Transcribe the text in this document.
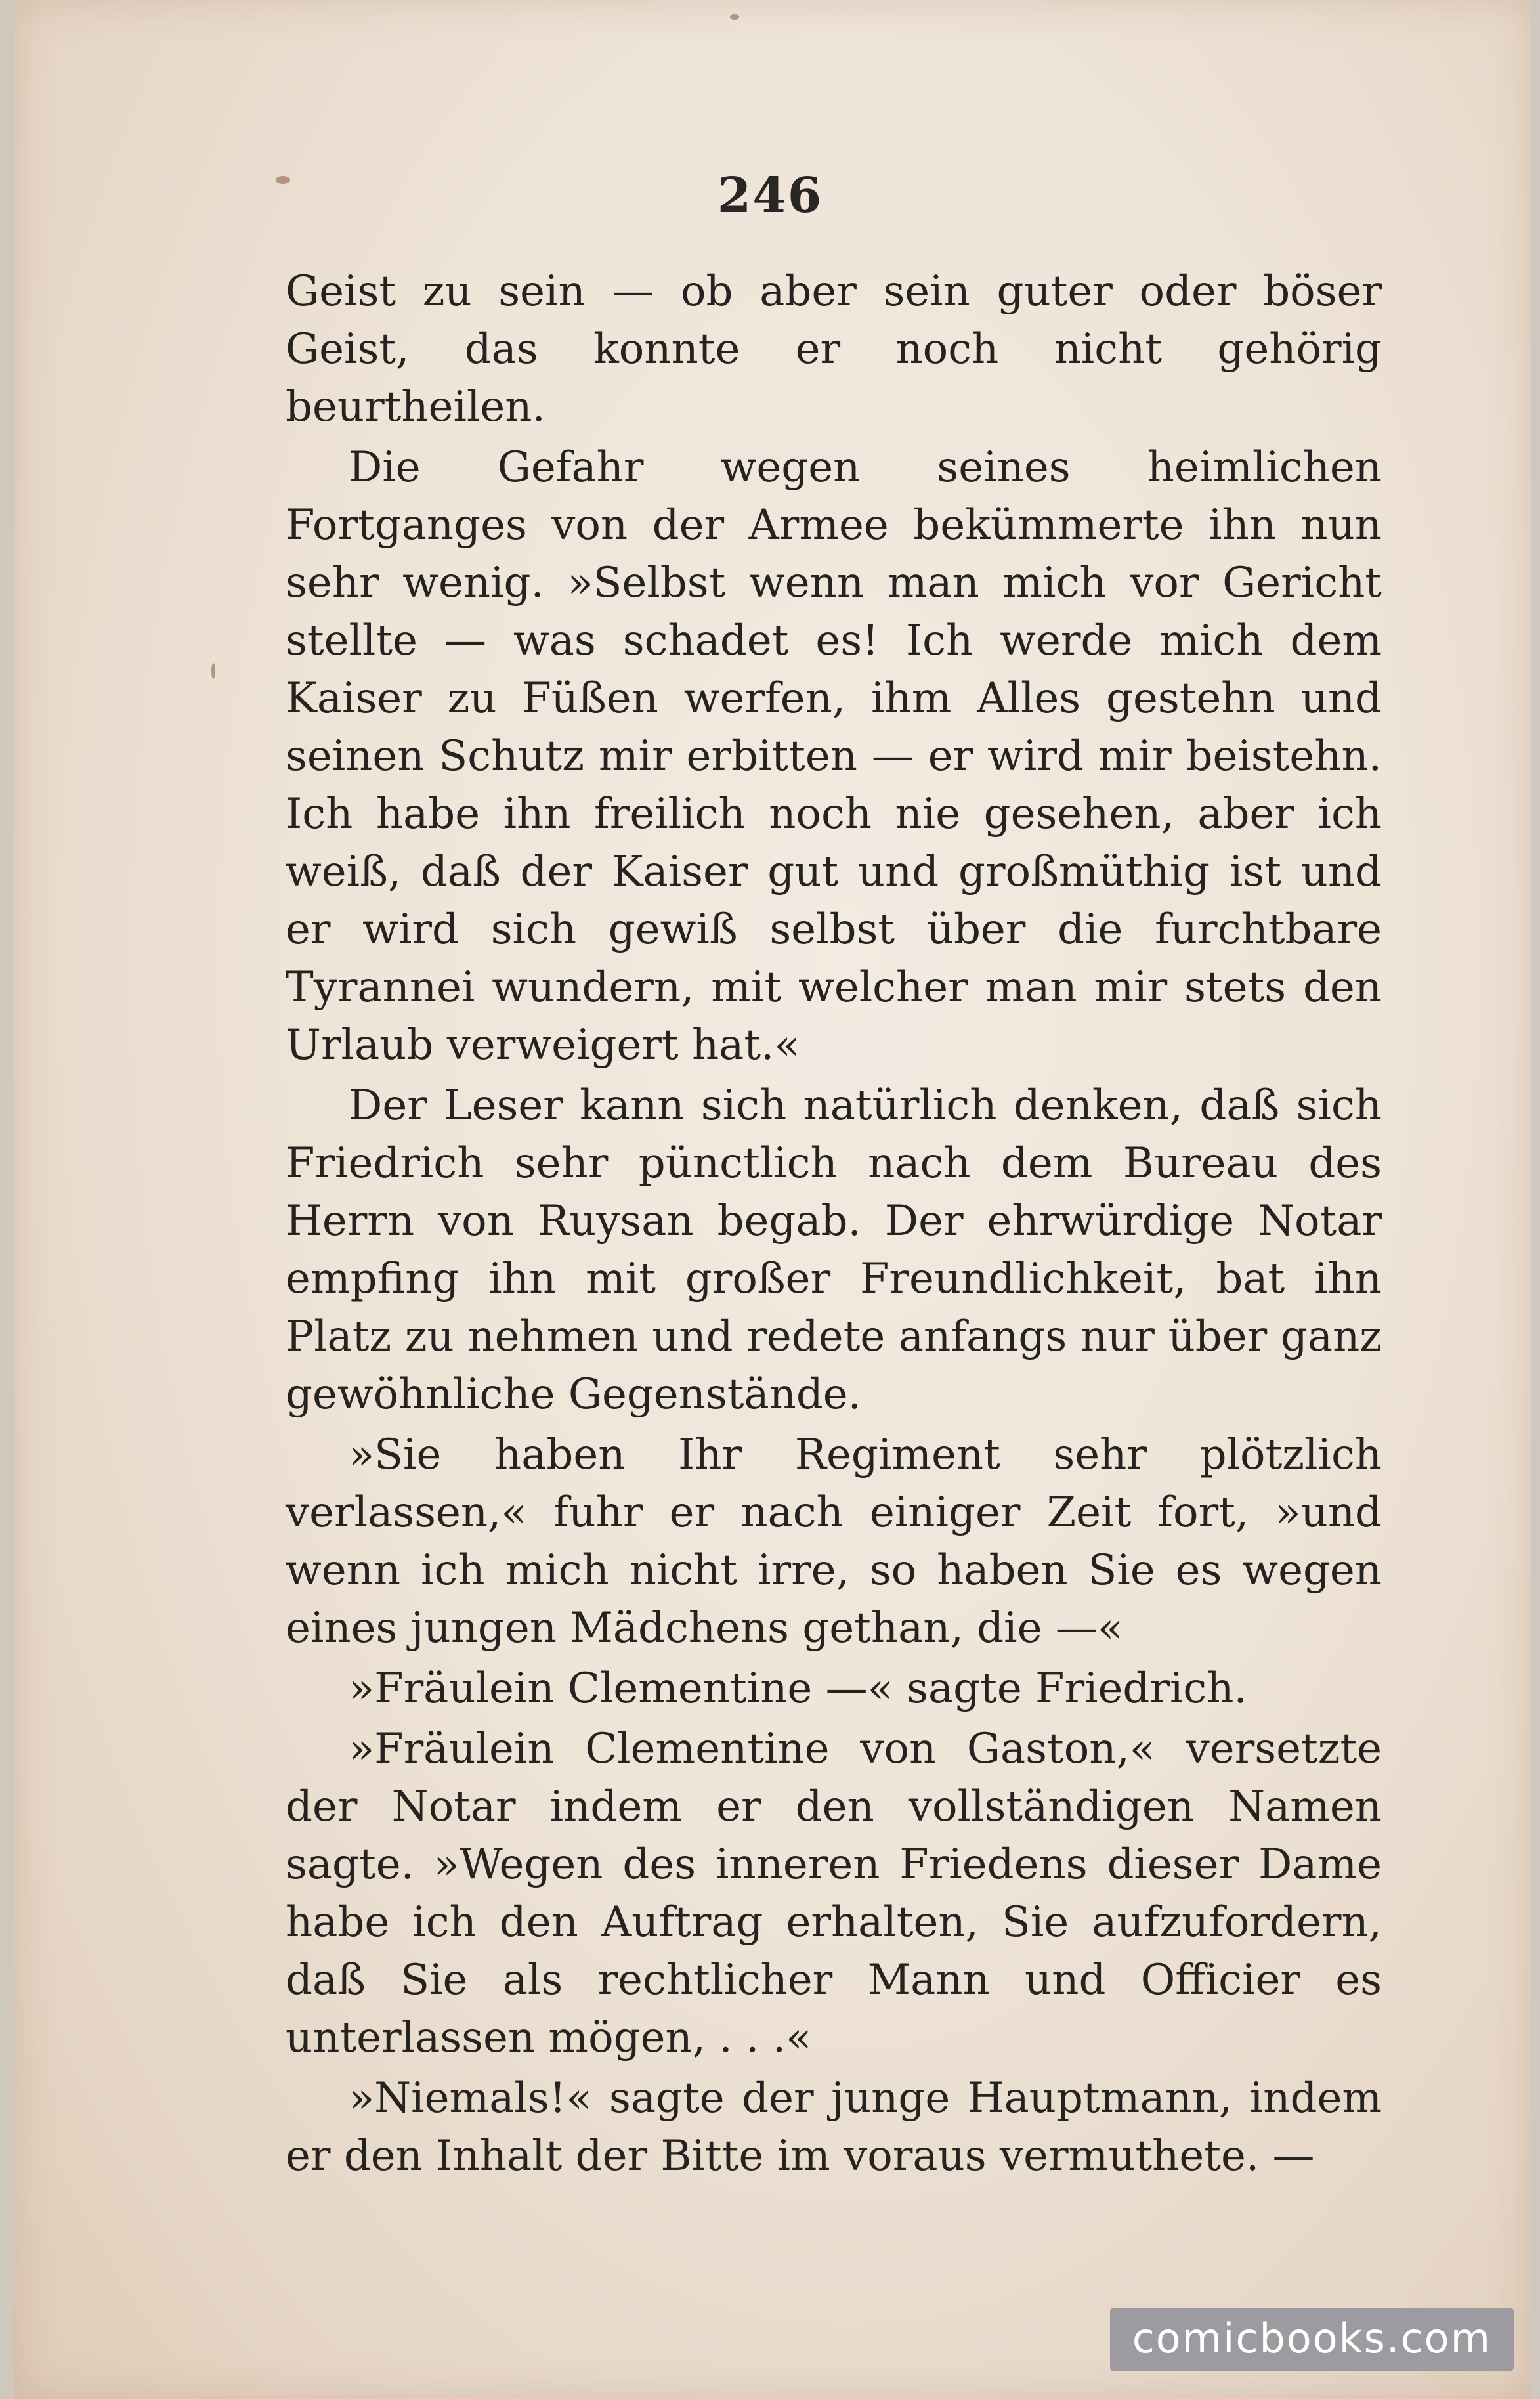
246

Geist zu sein — ob aber sein guter oder böser Geist, das konnte er noch nicht gehörig beurtheilen.

Die Gefahr wegen seines heimlichen Fortganges von der Armee bekümmerte ihn nun sehr wenig. »Selbst wenn man mich vor Gericht stellte — was schadet es! Ich werde mich dem Kaiser zu Füßen werfen, ihm Alles gestehn und seinen Schutz mir erbitten — er wird mir beistehn. Ich habe ihn freilich noch nie gesehen, aber ich weiß, daß der Kaiser gut und großmüthig ist und er wird sich gewiß selbst über die furchtbare Tyrannei wundern, mit welcher man mir stets den Urlaub verweigert hat.«

Der Leser kann sich natürlich denken, daß sich Friedrich sehr pünctlich nach dem Bureau des Herrn von Ruysan begab. Der ehrwürdige Notar empfing ihn mit großer Freundlichkeit, bat ihn Platz zu nehmen und redete anfangs nur über ganz gewöhnliche Gegenstände.

»Sie haben Ihr Regiment sehr plötzlich verlassen,« fuhr er nach einiger Zeit fort, »und wenn ich mich nicht irre, so haben Sie es wegen eines jungen Mädchens gethan, die —«

»Fräulein Clementine —« sagte Friedrich.

»Fräulein Clementine von Gaston,« versetzte der Notar indem er den vollständigen Namen sagte. »Wegen des inneren Friedens dieser Dame habe ich den Auftrag erhalten, Sie aufzufordern, daß Sie als rechtlicher Mann und Officier es unterlassen mögen, . . .«

»Niemals!« sagte der junge Hauptmann, indem er den Inhalt der Bitte im voraus vermuthete. —

comicbooks.com
